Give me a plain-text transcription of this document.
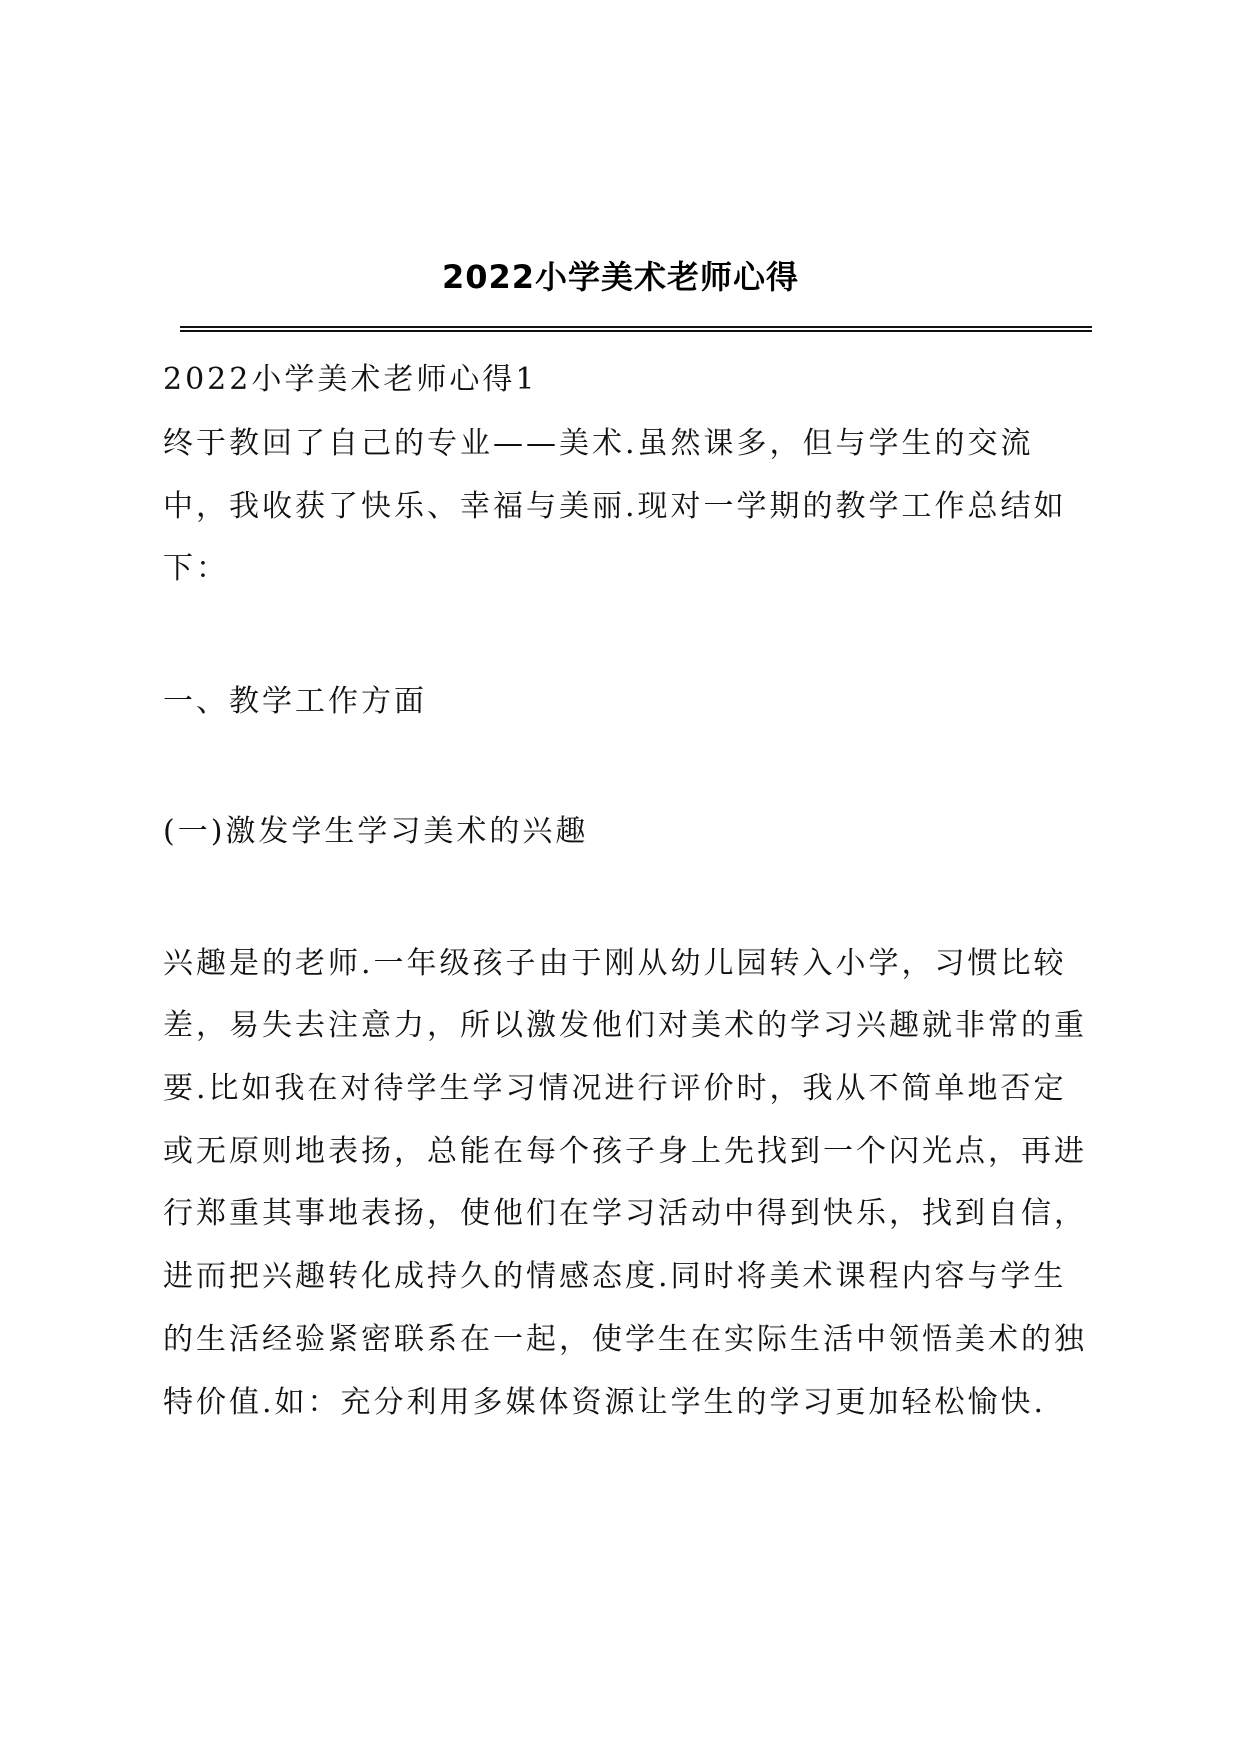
2022小学美术老师心得
2022小学美术老师心得1
终于教回了自己的专业——美术.虽然课多，但与学生的交流
中，我收获了快乐、幸福与美丽.现对一学期的教学工作总结如
下：
一、教学工作方面
(一)激发学生学习美术的兴趣
兴趣是的老师.一年级孩子由于刚从幼儿园转入小学，习惯比较
差，易失去注意力，所以激发他们对美术的学习兴趣就非常的重
要.比如我在对待学生学习情况进行评价时，我从不简单地否定
或无原则地表扬，总能在每个孩子身上先找到一个闪光点，再进
行郑重其事地表扬，使他们在学习活动中得到快乐，找到自信，
进而把兴趣转化成持久的情感态度.同时将美术课程内容与学生
的生活经验紧密联系在一起，使学生在实际生活中领悟美术的独
特价值.如：充分利用多媒体资源让学生的学习更加轻松愉快.
